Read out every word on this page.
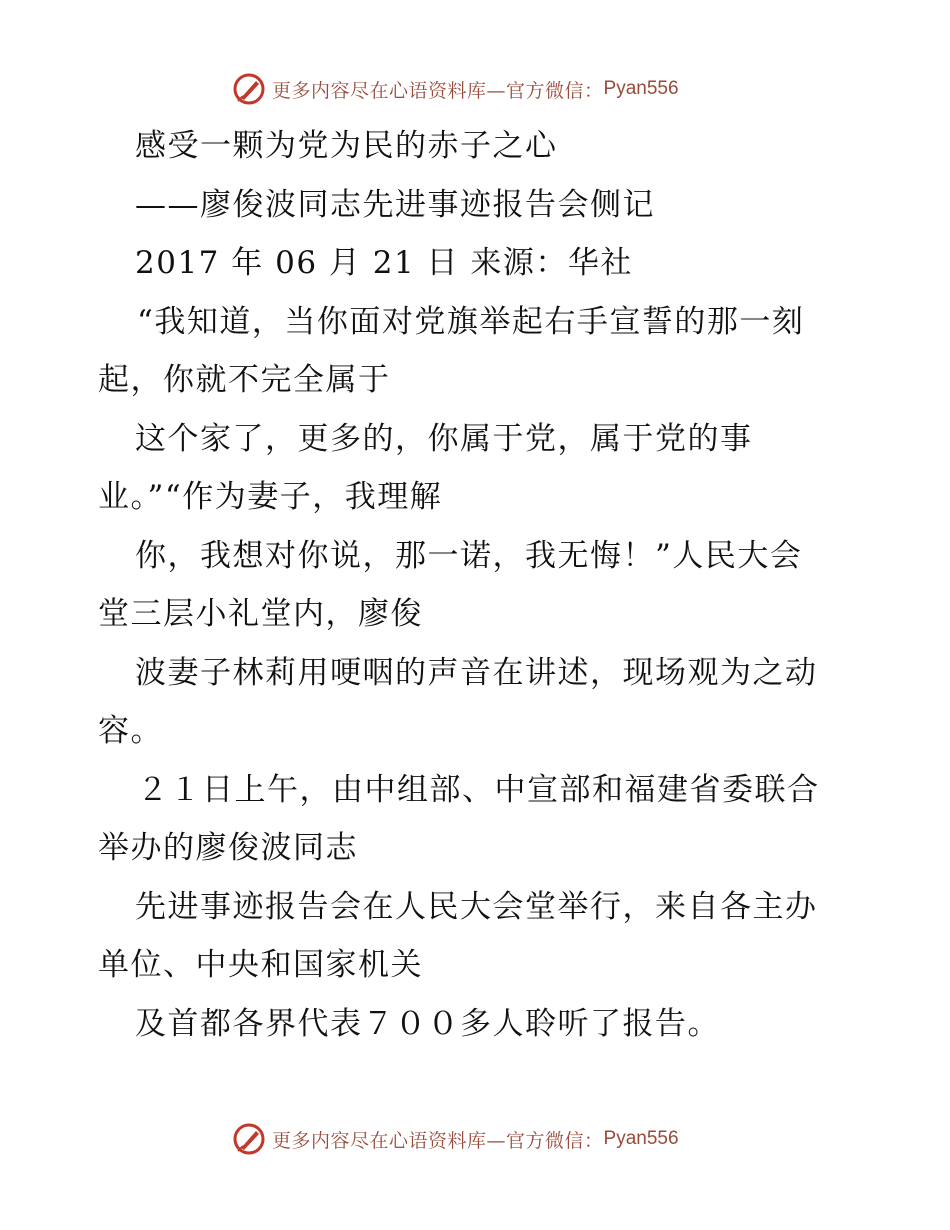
更多内容尽在心语资料库—官方微信： Pyan556
感受一颗为党为民的赤子之心
——廖俊波同志先进事迹报告会侧记
2017 年 06 月 21 日 来源：华社
“我知道，当你面对党旗举起右手宣誓的那一刻
起，你就不完全属于
这个家了，更多的，你属于党，属于党的事
业。”“作为妻子，我理解
你，我想对你说，那一诺，我无悔！”人民大会
堂三层小礼堂内，廖俊
波妻子林莉用哽咽的声音在讲述，现场观为之动
容。
２１日上午，由中组部、中宣部和福建省委联合
举办的廖俊波同志
先进事迹报告会在人民大会堂举行，来自各主办
单位、中央和国家机关
及首都各界代表７００多人聆听了报告。
更多内容尽在心语资料库—官方微信： Pyan556
